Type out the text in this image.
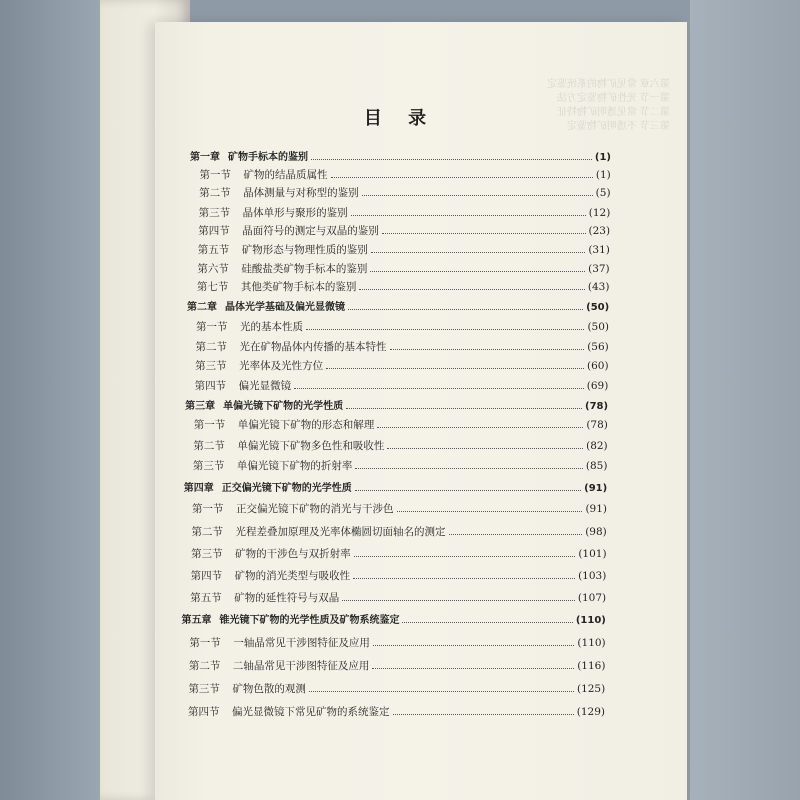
第六章 常见矿物的系统鉴定
第一节 光性矿物鉴定方法
第二节 常见透明矿物特征
第三节 不透明矿物鉴定
目 录
第一章 矿物手标本的鉴别	(1)
第一节 矿物的结晶质属性	(1)
第二节 晶体测量与对称型的鉴别	(5)
第三节 晶体单形与聚形的鉴别	(12)
第四节 晶面符号的测定与双晶的鉴别	(23)
第五节 矿物形态与物理性质的鉴别	(31)
第六节 硅酸盐类矿物手标本的鉴别	(37)
第七节 其他类矿物手标本的鉴别	(43)
第二章 晶体光学基础及偏光显微镜	(50)
第一节 光的基本性质	(50)
第二节 光在矿物晶体内传播的基本特性	(56)
第三节 光率体及光性方位	(60)
第四节 偏光显微镜	(69)
第三章 单偏光镜下矿物的光学性质	(78)
第一节 单偏光镜下矿物的形态和解理	(78)
第二节 单偏光镜下矿物多色性和吸收性	(82)
第三节 单偏光镜下矿物的折射率	(85)
第四章 正交偏光镜下矿物的光学性质	(91)
第一节 正交偏光镜下矿物的消光与干涉色	(91)
第二节 光程差叠加原理及光率体椭圆切面轴名的测定	(98)
第三节 矿物的干涉色与双折射率	(101)
第四节 矿物的消光类型与吸收性	(103)
第五节 矿物的延性符号与双晶	(107)
第五章 锥光镜下矿物的光学性质及矿物系统鉴定	(110)
第一节 一轴晶常见干涉图特征及应用	(110)
第二节 二轴晶常见干涉图特征及应用	(116)
第三节 矿物色散的观测	(125)
第四节 偏光显微镜下常见矿物的系统鉴定	(129)
